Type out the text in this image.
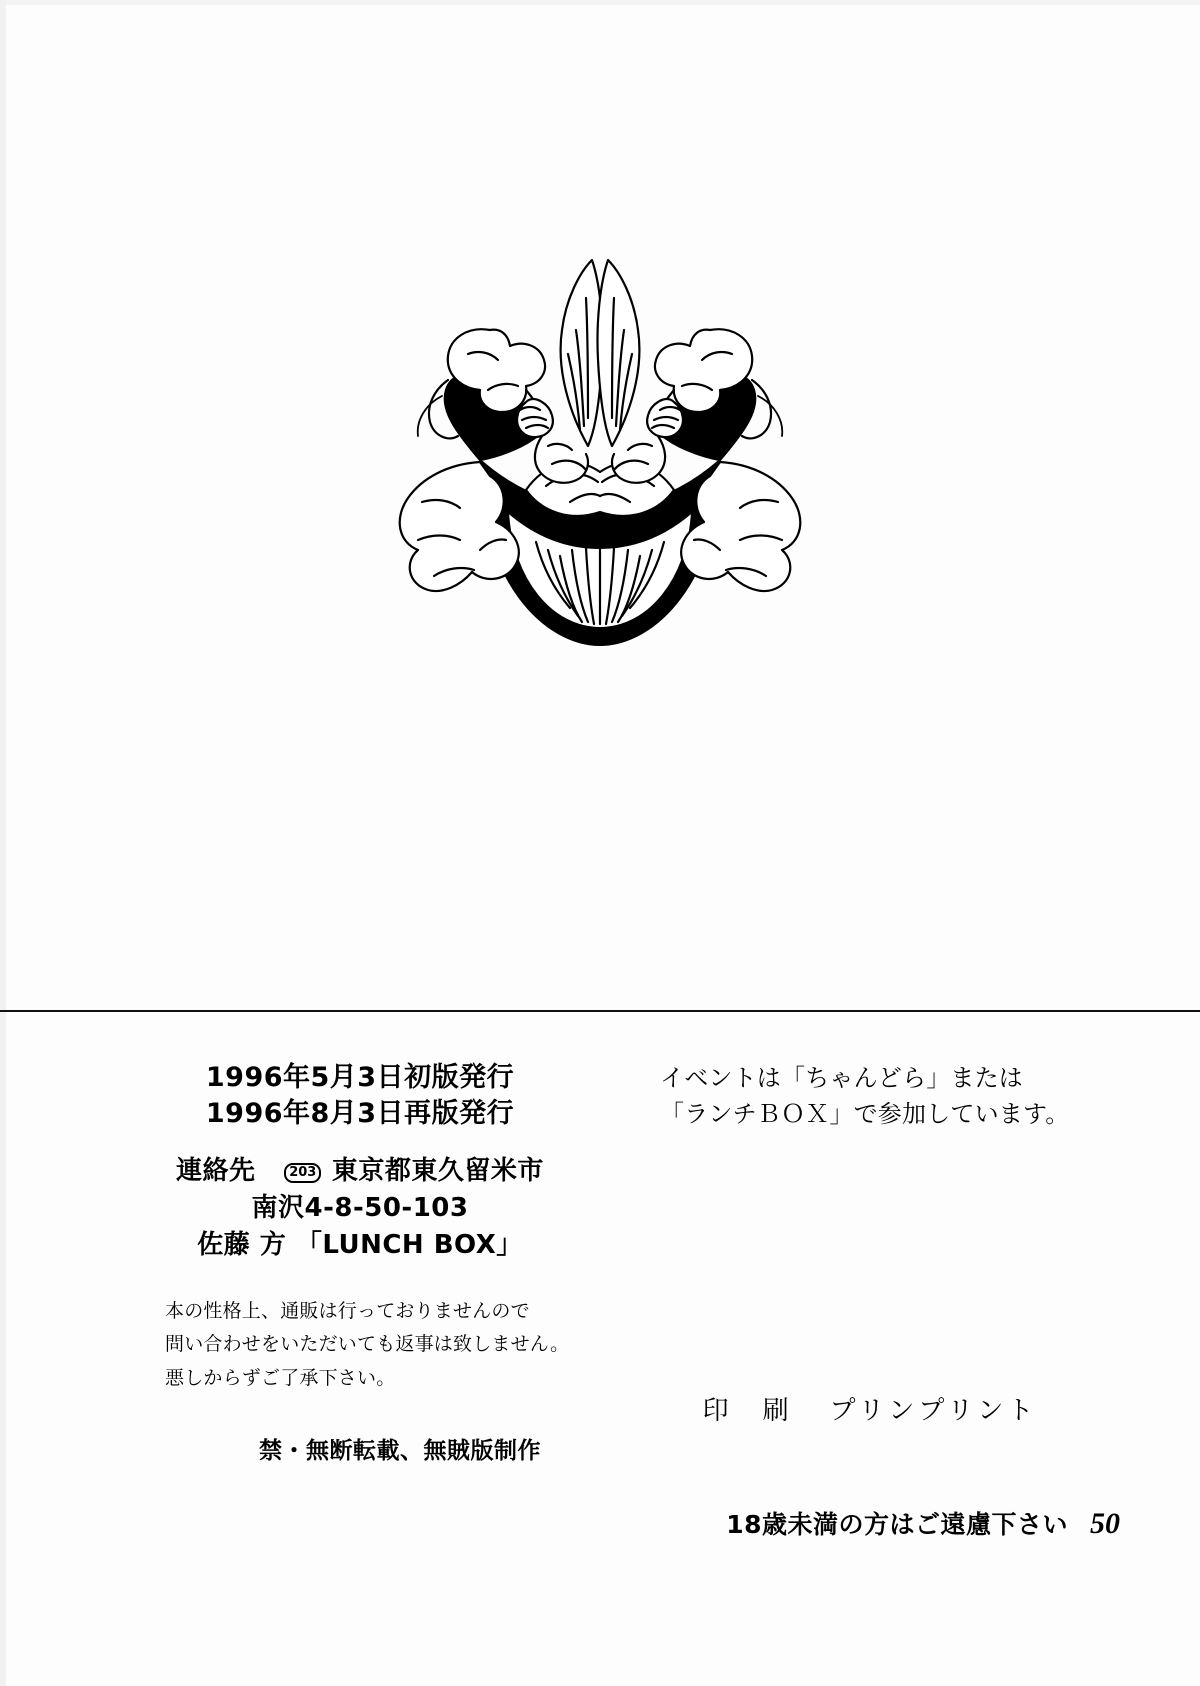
1996年5月3日初版発行
1996年8月3日再版発行
連絡先	203 東京都東久留米市
南沢4-8-50-103
佐藤 方 「LUNCH BOX」
本の性格上、通販は行っておりませんので
問い合わせをいただいても返事は致しません。
悪しからずご了承下さい。
禁・無断転載、無賊版制作
イベントは「ちゃんどら」または
「ランチＢＯＸ」で参加しています。
印　刷 プリンプリント
18歳未満の方はご遠慮下さい 50
